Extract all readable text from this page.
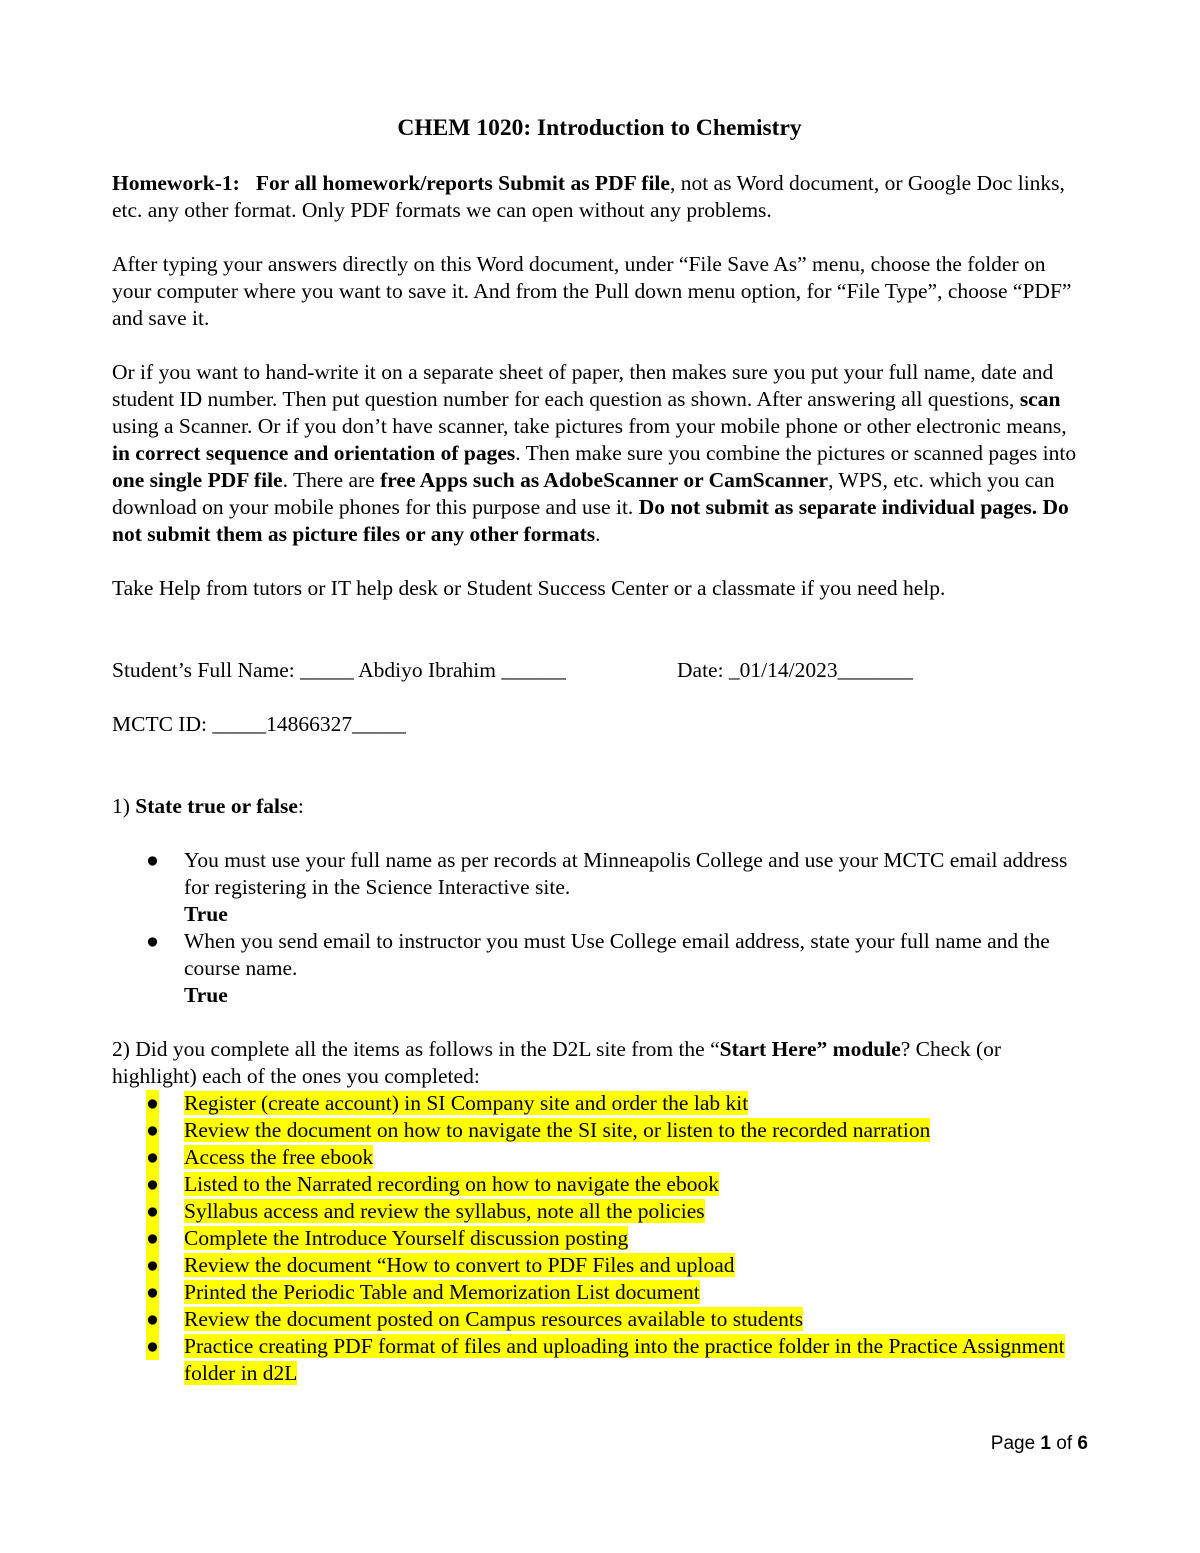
CHEM 1020: Introduction to Chemistry

Homework-1: For all homework/reports Submit as PDF file, not as Word document, or Google Doc links, etc. any other format. Only PDF formats we can open without any problems.

After typing your answers directly on this Word document, under “File Save As” menu, choose the folder on your computer where you want to save it. And from the Pull down menu option, for “File Type”, choose “PDF” and save it.

Or if you want to hand-write it on a separate sheet of paper, then makes sure you put your full name, date and student ID number. Then put question number for each question as shown. After answering all questions, scan using a Scanner. Or if you don’t have scanner, take pictures from your mobile phone or other electronic means, in correct sequence and orientation of pages. Then make sure you combine the pictures or scanned pages into one single PDF file. There are free Apps such as AdobeScanner or CamScanner, WPS, etc. which you can download on your mobile phones for this purpose and use it. Do not submit as separate individual pages. Do not submit them as picture files or any other formats.

Take Help from tutors or IT help desk or Student Success Center or a classmate if you need help.

Student’s Full Name: _____ Abdiyo Ibrahim ______	Date: _01/14/2023_______

MCTC ID: _____14866327_____

1) State true or false:

● You must use your full name as per records at Minneapolis College and use your MCTC email address for registering in the Science Interactive site.
True
● When you send email to instructor you must Use College email address, state your full name and the course name.
True

2) Did you complete all the items as follows in the D2L site from the “Start Here” module? Check (or highlight) each of the ones you completed:

● Register (create account) in SI Company site and order the lab kit
● Review the document on how to navigate the SI site, or listen to the recorded narration
● Access the free ebook
● Listed to the Narrated recording on how to navigate the ebook
● Syllabus access and review the syllabus, note all the policies
● Complete the Introduce Yourself discussion posting
● Review the document “How to convert to PDF Files and upload
● Printed the Periodic Table and Memorization List document
● Review the document posted on Campus resources available to students
● Practice creating PDF format of files and uploading into the practice folder in the Practice Assignment folder in d2L
Page 1 of 6
